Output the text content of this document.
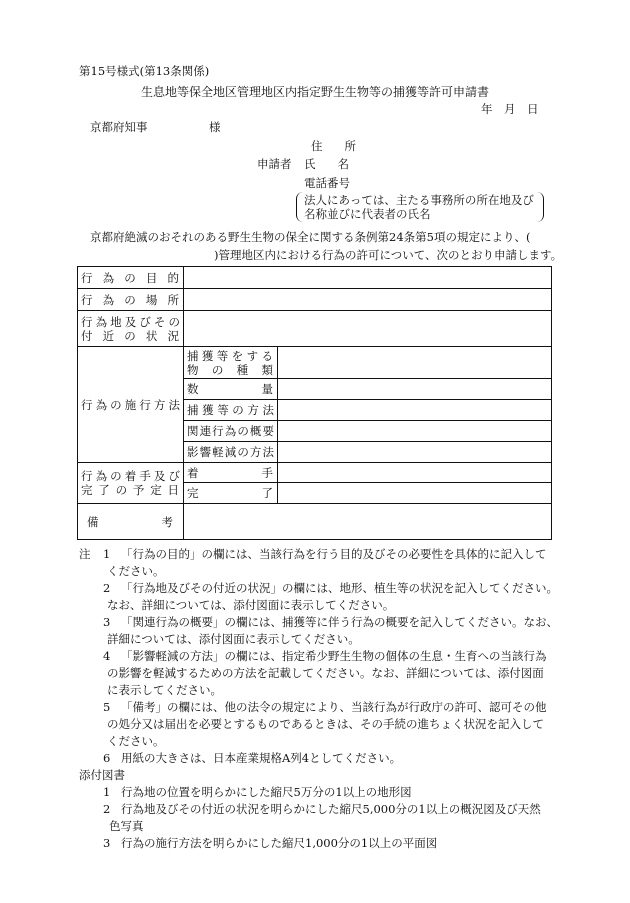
第15号様式(第13条関係)
生息地等保全地区管理地区内指定野生生物等の捕獲等許可申請書
年　月　日
京都府知事	様
住所
申請者 氏名
電話番号
法人にあっては、主たる事務所の所在地及び
名称並びに代表者の氏名
京都府絶滅のおそれのある野生生物の保全に関する条例第24条第5項の規定により、(
)管理地区内における行為の許可について、次のとおり申請します。
行為の目的		

行為の場所		

行為地及びその
付近の状況		

行為の施行方法	捕獲等をする
物の種類	

	数量	

	捕獲等の方法	

	関連行為の概要	

	影響軽減の方法	

行為の着手及び
完了の予定日	着手	

	完了	

備考		

注 1 「行為の目的」の欄には、当該行為を行う目的及びその必要性を具体的に記入して
ください。
2 「行為地及びその付近の状況」の欄には、地形、植生等の状況を記入してください。
なお、詳細については、添付図面に表示してください。
3 「関連行為の概要」の欄には、捕獲等に伴う行為の概要を記入してください。なお、
詳細については、添付図面に表示してください。
4 「影響軽減の方法」の欄には、指定希少野生生物の個体の生息・生育への当該行為
の影響を軽減するための方法を記載してください。なお、詳細については、添付図面
に表示してください。
5 「備考」の欄には、他の法令の規定により、当該行為が行政庁の許可、認可その他
の処分又は届出を必要とするものであるときは、その手続の進ちょく状況を記入して
ください。
6 用紙の大きさは、日本産業規格A列4としてください。
添付図書
1 行為地の位置を明らかにした縮尺5万分の1以上の地形図
2 行為地及びその付近の状況を明らかにした縮尺5,000分の1以上の概況図及び天然
色写真
3 行為の施行方法を明らかにした縮尺1,000分の1以上の平面図
